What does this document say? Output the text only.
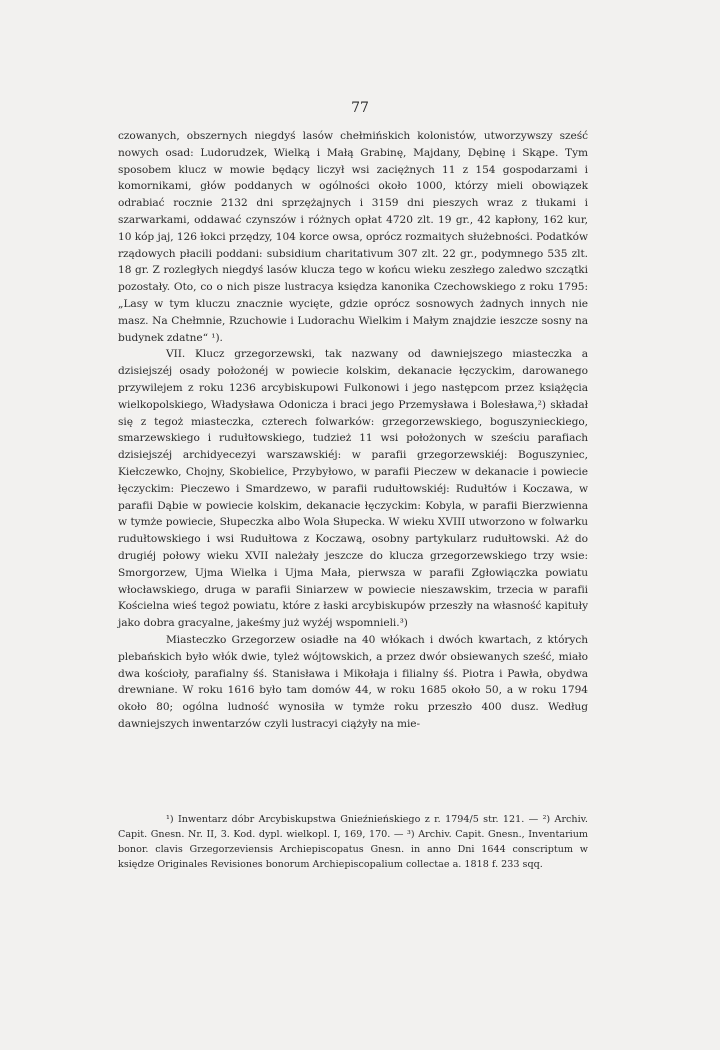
77

czowanych, obszernych niegdyś lasów chełmińskich kolonistów, utworzywszy sześć nowych osad: Ludorudzek, Wielką i Małą Grabinę, Majdany, Dębinę i Skąpe. Tym sposobem klucz w mowie będący liczył wsi zaciężnych 11 z 154 gospodarzami i komornikami, głów poddanych w ogólności około 1000, którzy mieli obowiązek odrabiać rocznie 2132 dni sprzężajnych i 3159 dni pieszych wraz z tłukami i szarwarkami, oddawać czynszów i różnych opłat 4720 zlt. 19 gr., 42 kapłony, 162 kur, 10 kóp jaj, 126 łokci przędzy, 104 korce owsa, oprócz rozmaitych służebności. Podatków rządowych płacili poddani: subsidium charitativum 307 zlt. 22 gr., podymnego 535 zlt. 18 gr. Z rozległych niegdyś lasów klucza tego w końcu wieku zeszłego zaledwo szczątki pozostały. Oto, co o nich pisze lustracya księdza kanonika Czechowskiego z roku 1795: „Lasy w tym kluczu znacznie wycięte, gdzie oprócz sosnowych żadnych innych nie masz. Na Chełmnie, Rzuchowie i Ludorachu Wielkim i Małym znajdzie ieszcze sosny na budynek zdatne“ ¹).

VII. Klucz grzegorzewski, tak nazwany od dawniejszego miasteczka a dzisiejszéj osady położonéj w powiecie kolskim, dekanacie łęczyckim, darowanego przywilejem z roku 1236 arcybiskupowi Fulkonowi i jego następcom przez książęcia wielkopolskiego, Władysława Odonicza i braci jego Przemysława i Bolesława,²) składał się z tegoż miasteczka, czterech folwarków: grzegorzewskiego, boguszynieckiego, smarzewskiego i rudułtowskiego, tudzież 11 wsi położonych w sześciu parafiach dzisiejszéj archidyecezyi warszawskiéj: w parafii grzegorzewskiéj: Boguszyniec, Kiełczewko, Chojny, Skobielice, Przybyłowo, w parafii Pieczew w dekanacie i powiecie łęczyckim: Pieczewo i Smardzewo, w parafii rudułtowskiéj: Rudułtów i Koczawa, w parafii Dąbie w powiecie kolskim, dekanacie łęczyckim: Kobyla, w parafii Bierzwienna w tymże powiecie, Słupeczka albo Wola Słupecka. W wieku XVIII utworzono w folwarku rudułtowskiego i wsi Rudułtowa z Koczawą, osobny partykularz rudułtowski. Aż do drugiéj połowy wieku XVII należały jeszcze do klucza grzegorzewskiego trzy wsie: Smorgorzew, Ujma Wielka i Ujma Mała, pierwsza w parafii Zgłowiączka powiatu włocławskiego, druga w parafii Siniarzew w powiecie nieszawskim, trzecia w parafii Kościelna wieś tegoż powiatu, które z łaski arcybiskupów przeszły na własność kapituły jako dobra gracyalne, jakeśmy już wyżéj wspomnieli.³)

Miasteczko Grzegorzew osiadłe na 40 włókach i dwóch kwartach, z których plebańskich było włók dwie, tyleż wójtowskich, a przez dwór obsiewanych sześć, miało dwa kościoły, parafialny śś. Stanisława i Mikołaja i filialny śś. Piotra i Pawła, obydwa drewniane. W roku 1616 było tam domów 44, w roku 1685 około 50, a w roku 1794 około 80; ogólna ludność wynosiła w tymże roku przeszło 400 dusz. Według dawniejszych inwentarzów czyli lustracyi ciążyły na mie-

¹) Inwentarz dóbr Arcybiskupstwa Gnieźnieńskiego z r. 1794/5 str. 121. — ²) Archiv. Capit. Gnesn. Nr. II, 3. Kod. dypl. wielkopl. I, 169, 170. — ³) Archiv. Capit. Gnesn., Inventarium bonor. clavis Grzegorzeviensis Archiepiscopatus Gnesn. in anno Dni 1644 conscriptum w księdze Originales Revisiones bonorum Archiepiscopalium collectae a. 1818 f. 233 sqq.
